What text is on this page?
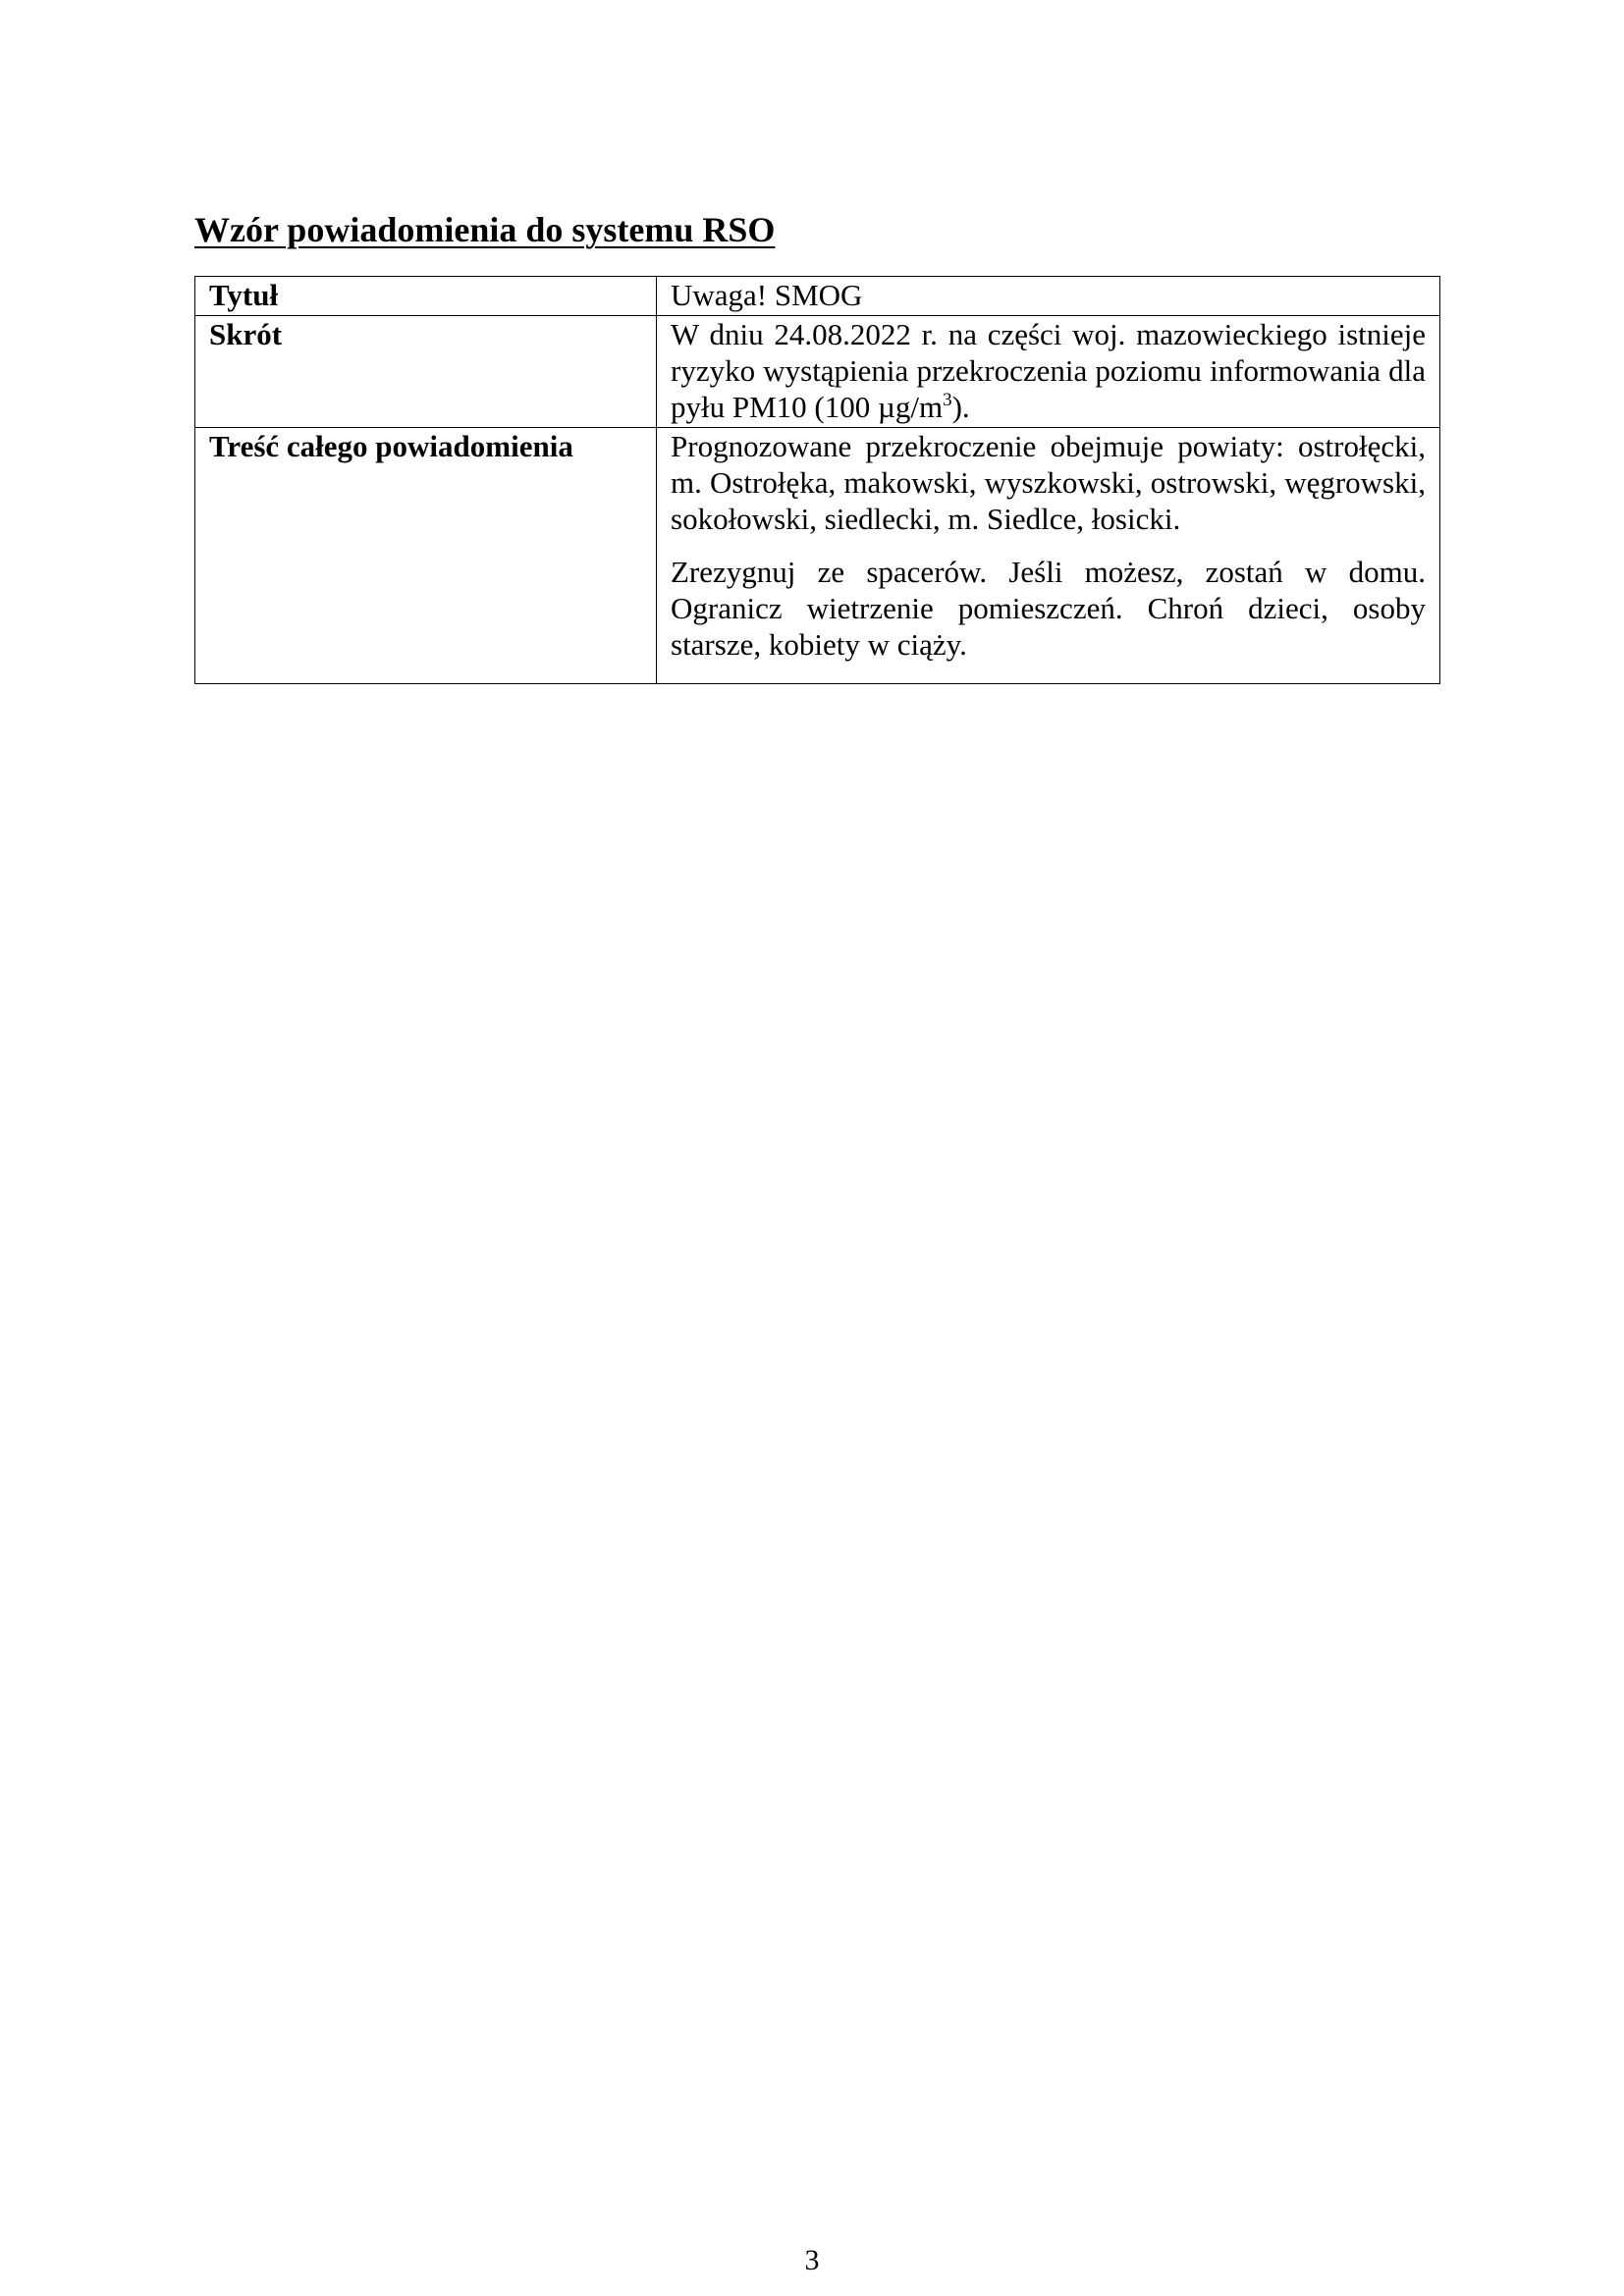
Wzór powiadomienia do systemu RSO
Tytuł	Uwaga! SMOG

Skrót	W dniu 24.08.2022 r. na części woj. mazowieckiego istnieje ryzyko wystąpienia przekroczenia poziomu informowania dla pyłu PM10 (100 $\mu g/m^3$).

Treść całego powiadomienia	Prognozowane przekroczenie obejmuje powiaty: ostrołęcki, m. Ostrołęka, makowski, wyszkowski, ostrowski, węgrowski, sokołowski, siedlecki, m. Siedlce, łosicki.

Zrezygnuj ze spacerów. Jeśli możesz, zostań w domu. Ogranicz wietrzenie pomieszczeń. Chroń dzieci, osoby starsze, kobiety w ciąży.

3
